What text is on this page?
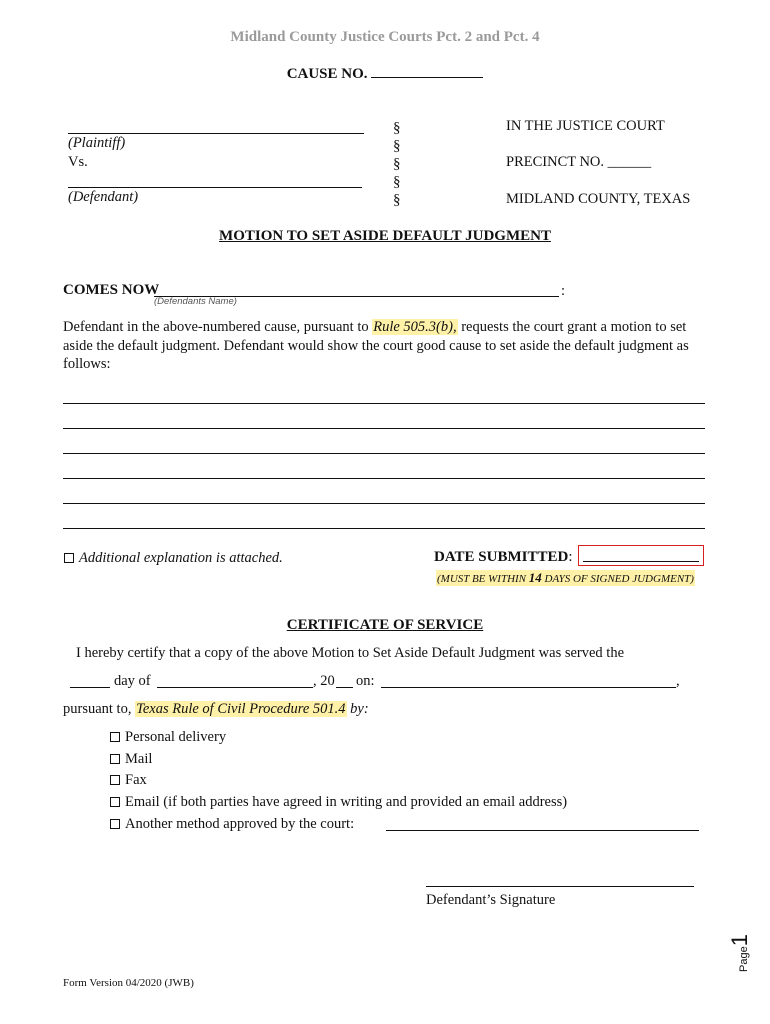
Midland County Justice Courts Pct. 2 and Pct. 4
CAUSE NO.
(Plaintiff)
Vs.
(Defendant)
§
§
§
§
§
IN THE JUSTICE COURT
PRECINCT NO. ______
MIDLAND COUNTY, TEXAS
MOTION TO SET ASIDE DEFAULT JUDGMENT
COMES NOW
(Defendants Name)
:
Defendant in the above-numbered cause, pursuant to Rule 505.3(b), requests the court grant a motion to set aside the default judgment. Defendant would show the court good cause to set aside the default judgment as follows:
Additional explanation is attached.	DATE SUBMITTED:
(MUST BE WITHIN 14 DAYS OF SIGNED JUDGMENT)
CERTIFICATE OF SERVICE
I hereby certify that a copy of the above Motion to Set Aside Default Judgment was served the
day of	, 20 on:	,
pursuant to, Texas Rule of Civil Procedure 501.4 by:
Personal delivery
Mail
Fax
Email (if both parties have agreed in writing and provided an email address)
Another method approved by the court:
Defendant’s Signature
Page1
Form Version 04/2020 (JWB)
